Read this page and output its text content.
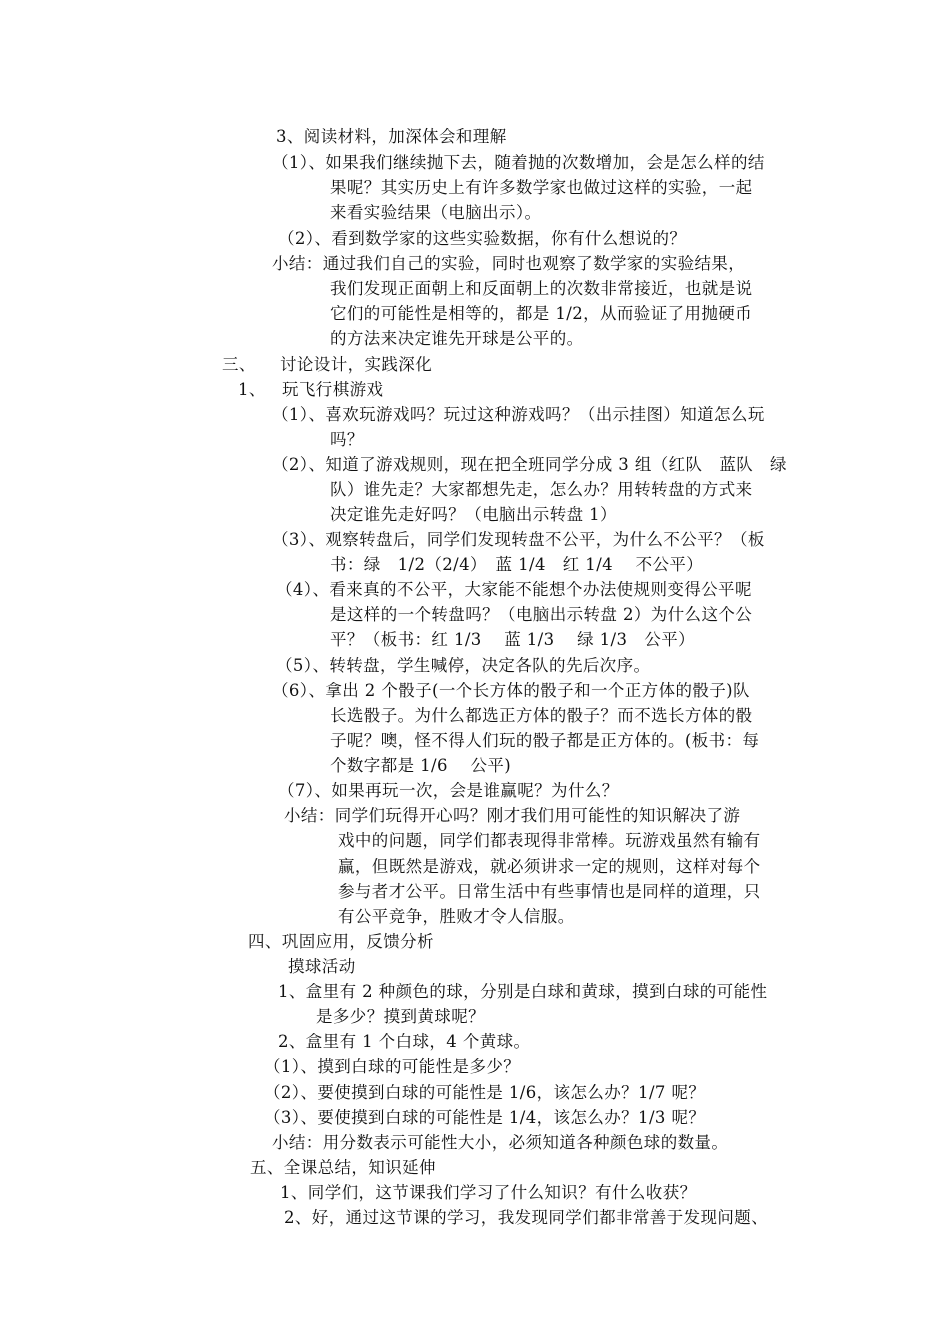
3、阅读材料，加深体会和理解
（1）、如果我们继续抛下去，随着抛的次数增加，会是怎么样的结
果呢？其实历史上有许多数学家也做过这样的实验，一起
来看实验结果（电脑出示）。
（2）、看到数学家的这些实验数据，你有什么想说的？
小结：通过我们自己的实验，同时也观察了数学家的实验结果，
我们发现正面朝上和反面朝上的次数非常接近，也就是说
它们的可能性是相等的，都是 1/2，从而验证了用抛硬币
的方法来决定谁先开球是公平的。
三、 讨论设计，实践深化
1、 玩飞行棋游戏
（1）、喜欢玩游戏吗？玩过这种游戏吗？（出示挂图）知道怎么玩
吗？
（2）、知道了游戏规则，现在把全班同学分成 3 组（红队　蓝队　绿
队）谁先走？大家都想先走，怎么办？用转转盘的方式来
决定谁先走好吗？（电脑出示转盘 1）
（3）、观察转盘后，同学们发现转盘不公平，为什么不公平？（板
书：绿　1/2（2/4）　蓝 1/4　红 1/4　 不公平）
（4）、看来真的不公平，大家能不能想个办法使规则变得公平呢
是这样的一个转盘吗？（电脑出示转盘 2）为什么这个公
平？（板书：红 1/3　 蓝 1/3　 绿 1/3　公平）
（5）、转转盘，学生喊停，决定各队的先后次序。
（6）、拿出 2 个骰子(一个长方体的骰子和一个正方体的骰子)队
长选骰子。为什么都选正方体的骰子？而不选长方体的骰
子呢？噢，怪不得人们玩的骰子都是正方体的。(板书：每
个数字都是 1/6　 公平)
（7）、如果再玩一次，会是谁赢呢？为什么？
小结：同学们玩得开心吗？刚才我们用可能性的知识解决了游
戏中的问题，同学们都表现得非常棒。玩游戏虽然有输有
赢，但既然是游戏，就必须讲求一定的规则，这样对每个
参与者才公平。日常生活中有些事情也是同样的道理，只
有公平竞争，胜败才令人信服。
四、巩固应用，反馈分析
摸球活动
1、盒里有 2 种颜色的球，分别是白球和黄球，摸到白球的可能性
是多少？摸到黄球呢？
2、盒里有 1 个白球，4 个黄球。
（1）、摸到白球的可能性是多少？
（2）、要使摸到白球的可能性是 1/6，该怎么办？1/7 呢？
（3）、要使摸到白球的可能性是 1/4，该怎么办？1/3 呢？
小结：用分数表示可能性大小，必须知道各种颜色球的数量。
五、全课总结，知识延伸
1、同学们，这节课我们学习了什么知识？有什么收获？
2、好，通过这节课的学习，我发现同学们都非常善于发现问题、
